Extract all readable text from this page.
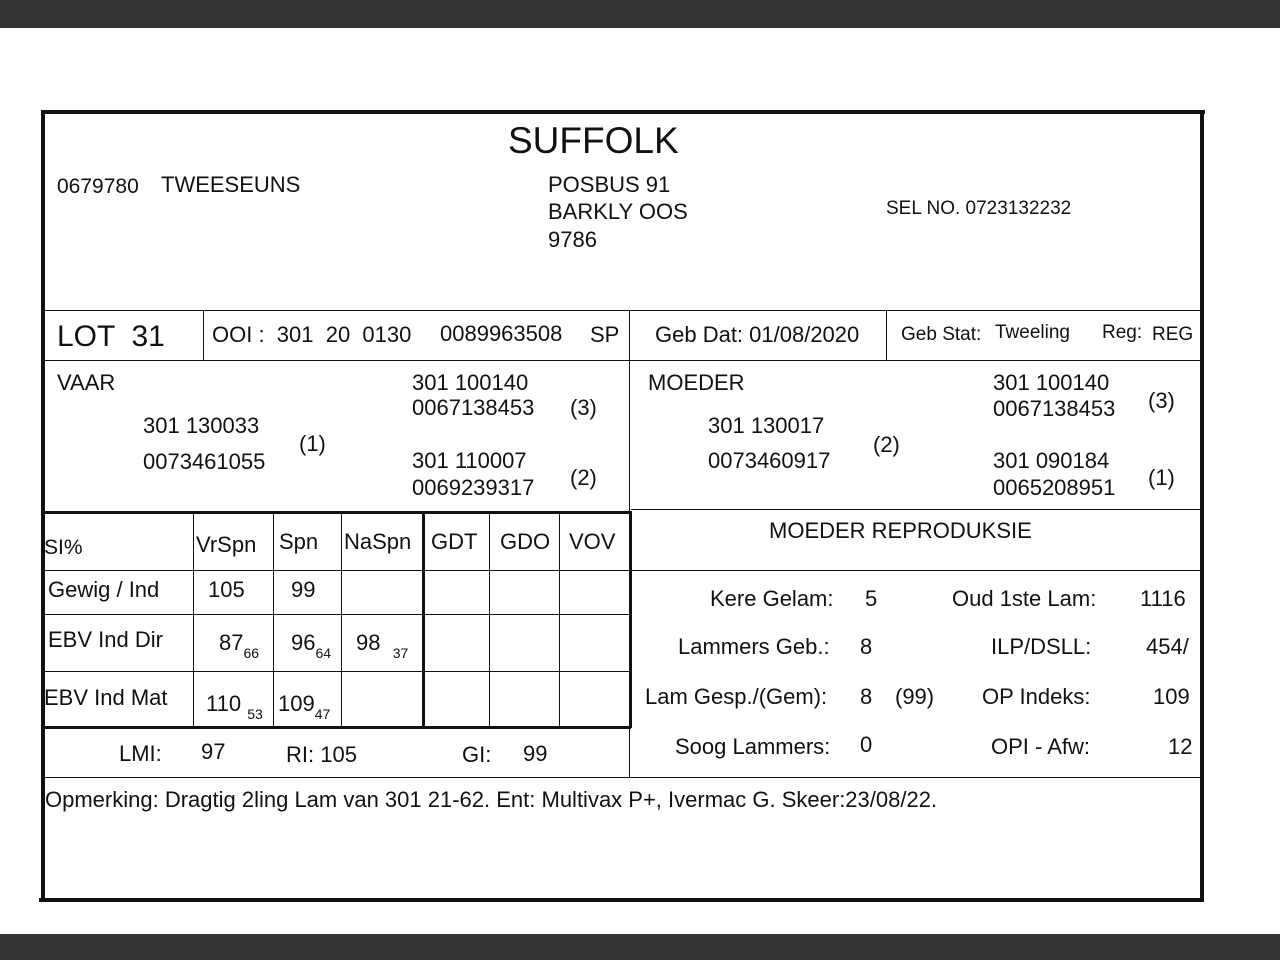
SUFFOLK
0679780 TWEESEUNS	POSBUS 91
BARKLY OOS
9786
SEL NO. 0723132232
LOT  31 OOI :  301  20  0130 0089963508 SP Geb Dat: 01/08/2020 Geb Stat: Tweeling Reg: REG
VAAR
301 130033
0073461055
(1)
301 100140
0067138453 (3)
301 110007
0069239317 (2)
MOEDER
301 130017
0073460917
(2)
301 100140
0067138453 (3)
301 090184
0065208951 (1)
SI%	VrSpn Spn NaSpn GDT GDO VOV
Gewig / Ind 105 99
EBV Ind Dir	$87_{66}$ $96_{64}$ 98 $_{37}$
EBV Ind Mat 110 $_{53}$ $109_{47}$
LMI: 97	RI: 105	GI: 99
MOEDER REPRODUKSIE
Kere Gelam: 5	Oud 1ste Lam: 1116
Lammers Geb.: 8	ILP/DSLL: 454/
Lam Gesp./(Gem): 8 (99) OP Indeks:	109
Soog Lammers: 0	OPI - Afw:	12
Opmerking: Dragtig 2ling Lam van 301 21-62. Ent: Multivax P+, Ivermac G. Skeer:23/08/22.
